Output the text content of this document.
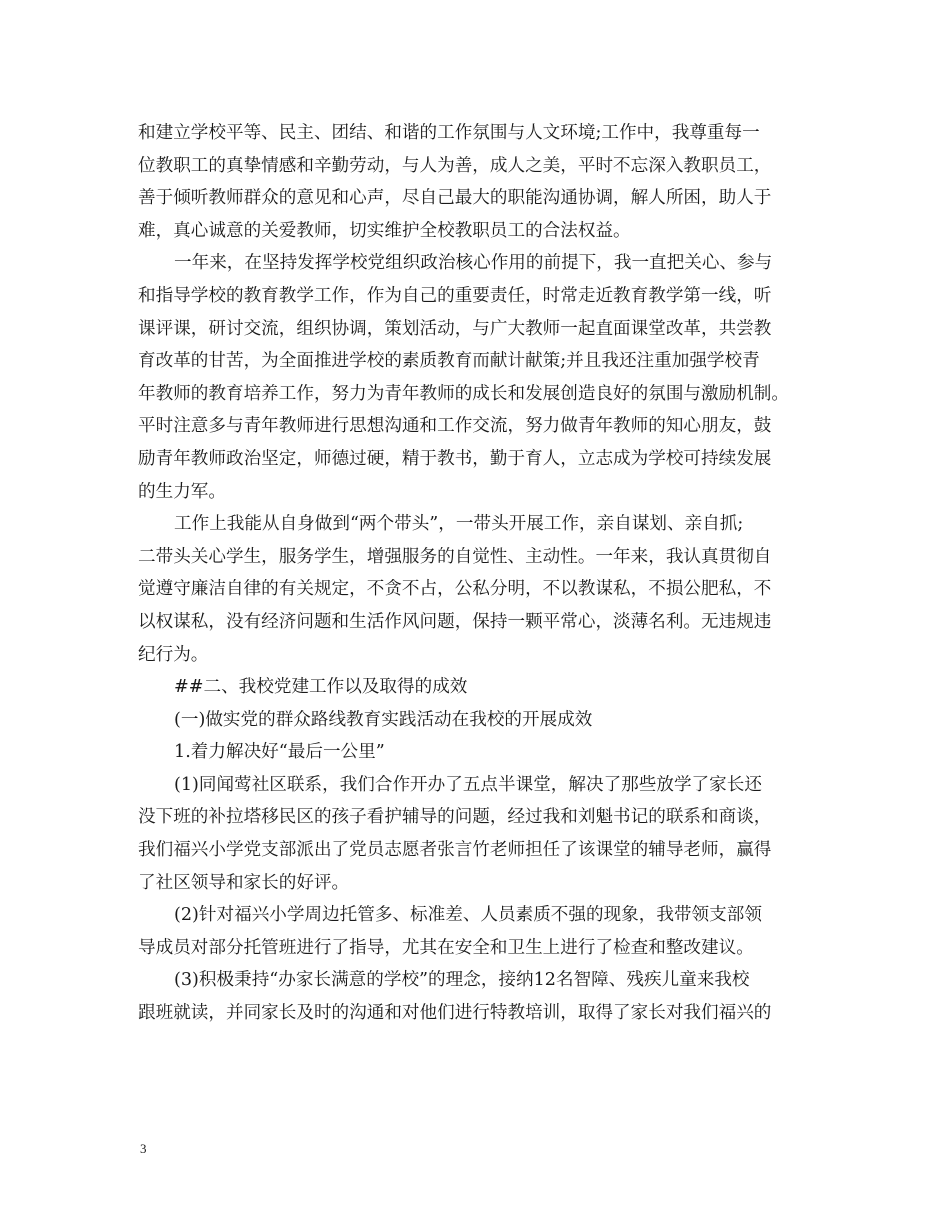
和建立学校平等、民主、团结、和谐的工作氛围与人文环境;工作中，我尊重每一
位教职工的真挚情感和辛勤劳动，与人为善，成人之美，平时不忘深入教职员工，
善于倾听教师群众的意见和心声，尽自己最大的职能沟通协调，解人所困，助人于
难，真心诚意的关爱教师，切实维护全校教职员工的合法权益。
一年来，在坚持发挥学校党组织政治核心作用的前提下，我一直把关心、参与
和指导学校的教育教学工作，作为自己的重要责任，时常走近教育教学第一线，听
课评课，研讨交流，组织协调，策划活动，与广大教师一起直面课堂改革，共尝教
育改革的甘苦，为全面推进学校的素质教育而献计献策;并且我还注重加强学校青
年教师的教育培养工作，努力为青年教师的成长和发展创造良好的氛围与激励机制。
平时注意多与青年教师进行思想沟通和工作交流，努力做青年教师的知心朋友，鼓
励青年教师政治坚定，师德过硬，精于教书，勤于育人，立志成为学校可持续发展
的生力军。
工作上我能从自身做到“两个带头”，一带头开展工作，亲自谋划、亲自抓;
二带头关心学生，服务学生，增强服务的自觉性、主动性。一年来，我认真贯彻自
觉遵守廉洁自律的有关规定，不贪不占，公私分明，不以教谋私，不损公肥私，不
以权谋私，没有经济问题和生活作风问题，保持一颗平常心，淡薄名利。无违规违
纪行为。
##二、我校党建工作以及取得的成效
(一)做实党的群众路线教育实践活动在我校的开展成效
1.着力解决好“最后一公里”
(1)同闻莺社区联系，我们合作开办了五点半课堂，解决了那些放学了家长还
没下班的补拉塔移民区的孩子看护辅导的问题，经过我和刘魁书记的联系和商谈，
我们福兴小学党支部派出了党员志愿者张言竹老师担任了该课堂的辅导老师，赢得
了社区领导和家长的好评。
(2)针对福兴小学周边托管多、标准差、人员素质不强的现象，我带领支部领
导成员对部分托管班进行了指导，尤其在安全和卫生上进行了检查和整改建议。
(3)积极秉持“办家长满意的学校”的理念，接纳12名智障、残疾儿童来我校
跟班就读，并同家长及时的沟通和对他们进行特教培训，取得了家长对我们福兴的
3
